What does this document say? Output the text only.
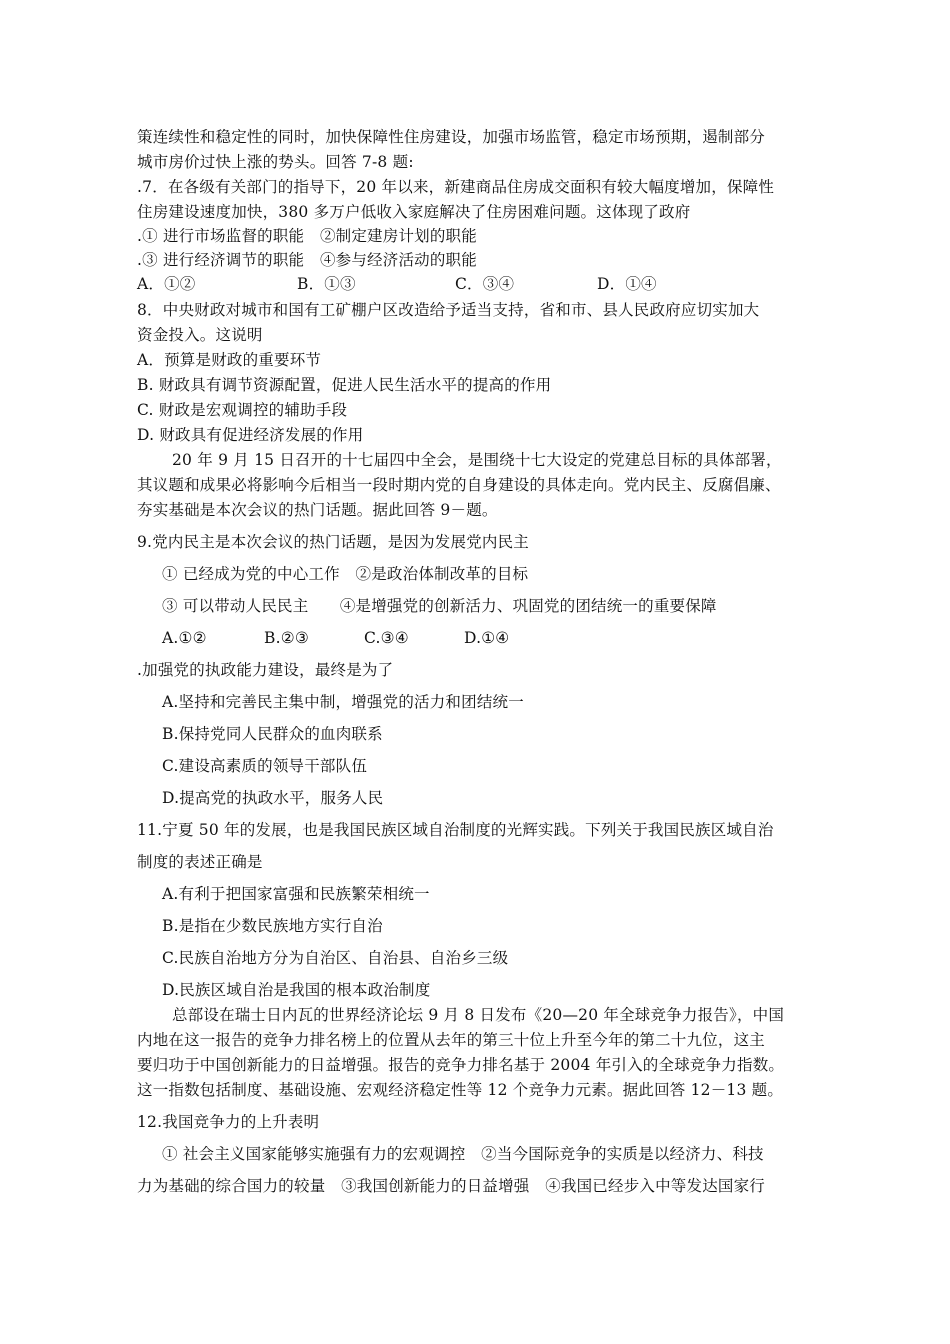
策连续性和稳定性的同时，加快保障性住房建设，加强市场监管，稳定市场预期，遏制部分
城市房价过快上涨的势头。回答 7-8 题:
.7．在各级有关部门的指导下，20 年以来，新建商品住房成交面积有较大幅度增加，保障性
住房建设速度加快，380 多万户低收入家庭解决了住房困难问题。这体现了政府
.① 进行市场监督的职能　②制定建房计划的职能
.③ 进行经济调节的职能　④参与经济活动的职能
A．①②	B．①③	C．③④	D．①④
8．中央财政对城市和国有工矿棚户区改造给予适当支持，省和市、县人民政府应切实加大
资金投入。这说明
A．预算是财政的重要环节
B. 财政具有调节资源配置，促进人民生活水平的提高的作用
C. 财政是宏观调控的辅助手段
D. 财政具有促进经济发展的作用
20 年 9 月 15 日召开的十七届四中全会，是围绕十七大设定的党建总目标的具体部署，
其议题和成果必将影响今后相当一段时期内党的自身建设的具体走向。党内民主、反腐倡廉、
夯实基础是本次会议的热门话题。据此回答 9－题。
9.党内民主是本次会议的热门话题，是因为发展党内民主
① 已经成为党的中心工作　②是政治体制改革的目标
③ 可以带动人民民主　　④是增强党的创新活力、巩固党的团结统一的重要保障
A.①②	B.②③	C.③④	D.①④
.加强党的执政能力建设，最终是为了
A.坚持和完善民主集中制，增强党的活力和团结统一
B.保持党同人民群众的血肉联系
C.建设高素质的领导干部队伍
D.提高党的执政水平，服务人民
11.宁夏 50 年的发展，也是我国民族区域自治制度的光辉实践。下列关于我国民族区域自治
制度的表述正确是
A.有利于把国家富强和民族繁荣相统一
B.是指在少数民族地方实行自治
C.民族自治地方分为自治区、自治县、自治乡三级
D.民族区域自治是我国的根本政治制度
总部设在瑞士日内瓦的世界经济论坛 9 月 8 日发布《20—20 年全球竞争力报告》，中国
内地在这一报告的竞争力排名榜上的位置从去年的第三十位上升至今年的第二十九位，这主
要归功于中国创新能力的日益增强。报告的竞争力排名基于 2004 年引入的全球竞争力指数。
这一指数包括制度、基础设施、宏观经济稳定性等 12 个竞争力元素。据此回答 12－13 题。
12.我国竞争力的上升表明
① 社会主义国家能够实施强有力的宏观调控　②当今国际竞争的实质是以经济力、科技
力为基础的综合国力的较量　③我国创新能力的日益增强　④我国已经步入中等发达国家行
